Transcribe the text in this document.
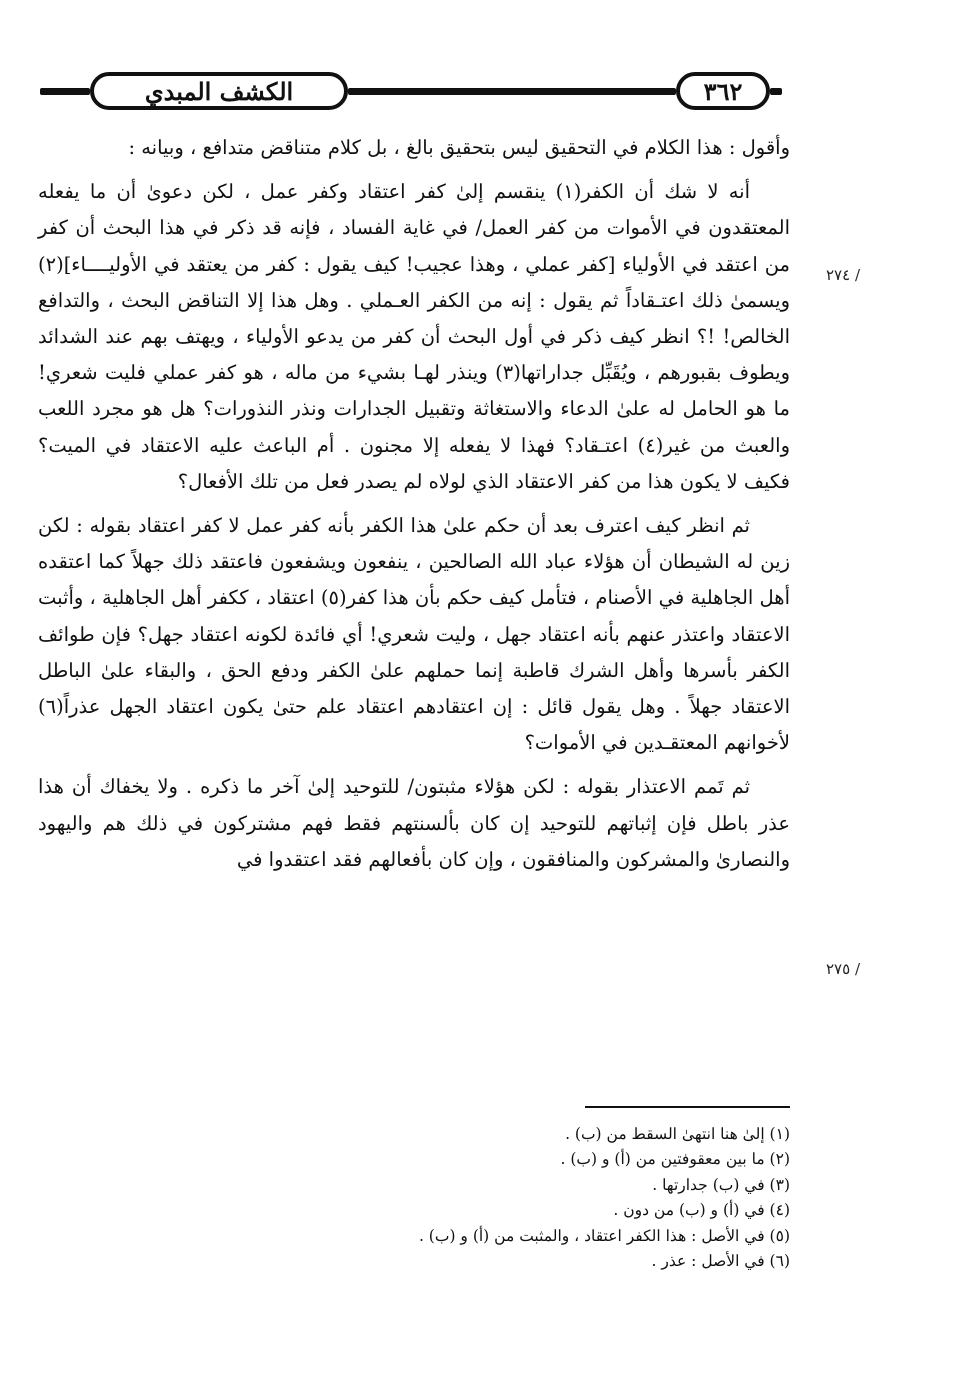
الكشف المبدي	٣٦٢

وأقول : هذا الكلام في التحقيق ليس بتحقيق بالغ ، بل كلام متناقض متدافع ، وبيانه :

أنه لا شك أن الكفر(١) ينقسم إلىٰ كفر اعتقاد وكفر عمل ، لكن دعوىٰ أن ما يفعله المعتقدون في الأموات من كفر العمل/ في غاية الفساد ، فإنه قد ذكر في هذا البحث أن كفر من اعتقد في الأولياء [كفر عملي ، وهذا عجيب! كيف يقول : كفر من يعتقد في الأوليــــاء](٢) ويسمىٰ ذلك اعتـقاداً ثم يقول : إنه من الكفر العـملي . وهل هذا إلا التناقض البحث ، والتدافع الخالص! !؟ انظر كيف ذكر في أول البحث أن كفر من يدعو الأولياء ، ويهتف بهم عند الشدائد ويطوف بقبورهم ، ويُقَبِّل جداراتها(٣) وينذر لهـا بشيء من ماله ، هو كفر عملي فليت شعري! ما هو الحامل له علىٰ الدعاء والاستغاثة وتقبيل الجدارات ونذر النذورات؟ هل هو مجرد اللعب والعبث من غير(٤) اعتـقاد؟ فهذا لا يفعله إلا مجنون . أم الباعث عليه الاعتقاد في الميت؟ فكيف لا يكون هذا من كفر الاعتقاد الذي لولاه لم يصدر فعل من تلك الأفعال؟

ثم انظر كيف اعترف بعد أن حكم علىٰ هذا الكفر بأنه كفر عمل لا كفر اعتقاد بقوله : لكن زين له الشيطان أن هؤلاء عباد الله الصالحين ، ينفعون ويشفعون فاعتقد ذلك جهلاً كما اعتقده أهل الجاهلية في الأصنام ، فتأمل كيف حكم بأن هذا كفر(٥) اعتقاد ، ككفر أهل الجاهلية ، وأثبت الاعتقاد واعتذر عنهم بأنه اعتقاد جهل ، وليت شعري! أي فائدة لكونه اعتقاد جهل؟ فإن طوائف الكفر بأسرها وأهل الشرك قاطبة إنما حملهم علىٰ الكفر ودفع الحق ، والبقاء علىٰ الباطل الاعتقاد جهلاً . وهل يقول قائل : إن اعتقادهم اعتقاد علم حتىٰ يكون اعتقاد الجهل عذراً(٦) لأخوانهم المعتقـدين في الأموات؟

ثم تَمم الاعتذار بقوله : لكن هؤلاء مثبتون/ للتوحيد إلىٰ آخر ما ذكره . ولا يخفاك أن هذا عذر باطل فإن إثباتهم للتوحيد إن كان بألسنتهم فقط فهم مشتركون في ذلك هم واليهود والنصارىٰ والمشركون والمنافقون ، وإن كان بأفعالهم فقد اعتقدوا في

/ ٢٧٤
/ ٢٧٥
(١) إلىٰ هنا انتهىٰ السقط من (ب) .
(٢) ما بين معقوفتين من (أ) و (ب) .
(٣) في (ب) جدارتها .
(٤) في (أ) و (ب) من دون .
(٥) في الأصل : هذا الكفر اعتقاد ، والمثبت من (أ) و (ب) .
(٦) في الأصل : عذر .
